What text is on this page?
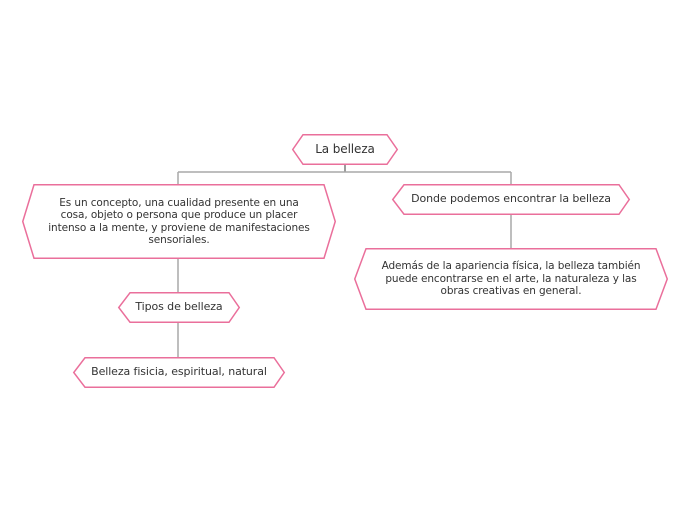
La belleza
Es un concepto, una cualidad presente en una
cosa, objeto o persona que produce un placer
intenso a la mente, y proviene de manifestaciones
sensoriales.
Donde podemos encontrar la belleza
Además de la apariencia física, la belleza también
puede encontrarse en el arte, la naturaleza y las
obras creativas en general.
Tipos de belleza
Belleza fisicia, espiritual, natural
